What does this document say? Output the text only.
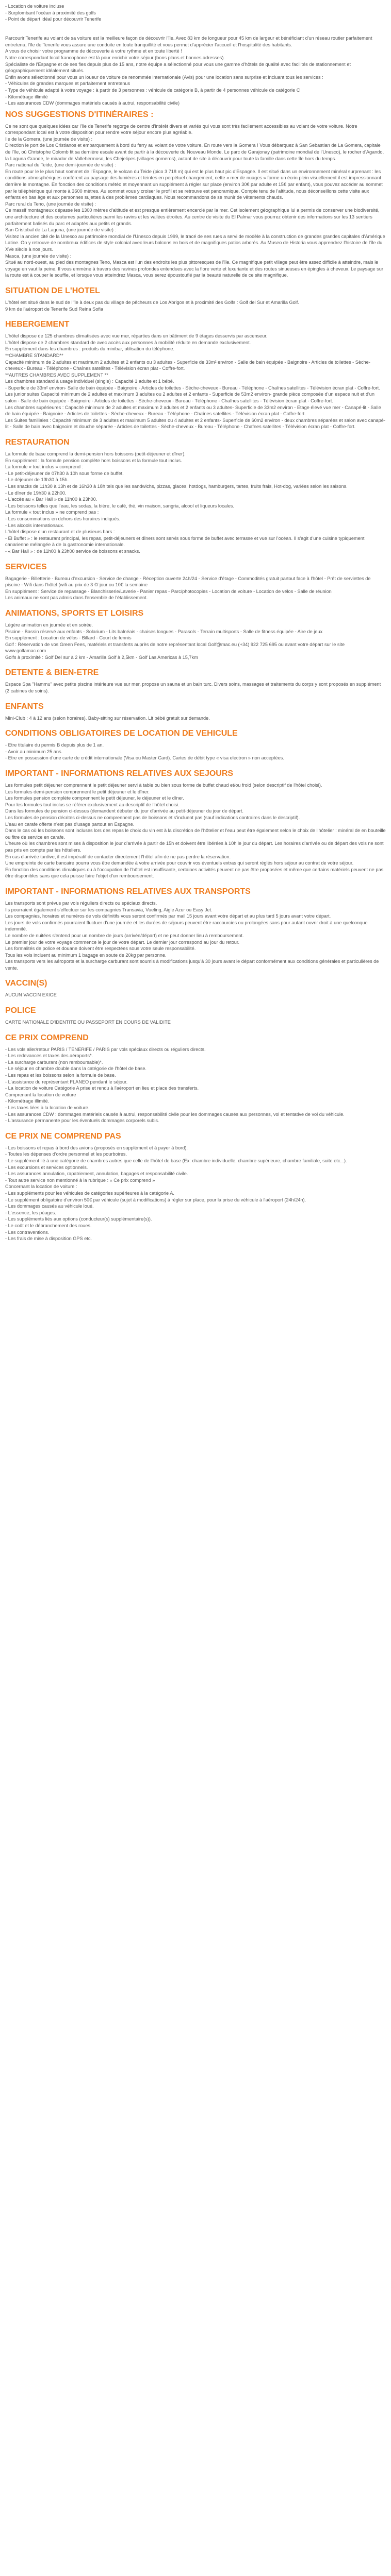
- Location de voiture incluse

- Surplombant l'océan à proximité des golfs

- Point de départ idéal pour découvrir Tenerife

Parcourir Tenerife au volant de sa voiture est la meilleure façon de découvrir l'île. Avec 83 km de longueur pour 45 km de largeur et bénéficiant d'un réseau routier parfaitement entretenu, l'île de Tenerife vous assure une conduite en toute tranquillité et vous permet d'apprécier l'accueil et l'hospitalité des habitants.

A vous de choisir votre programme de découverte à votre rythme et en toute liberté !

Notre correspondant local francophone est là pour enrichir votre séjour (bons plans et bonnes adresses).

Spécialiste de l'Espagne et de ses fles depuis plus de 15 ans, notre équipe a sélectionné pour vous une gamme d'hôtels de qualité avec facilités de stationnement et géographiquement idéalement situés.

Enfin avons sélectionné pour vous un loueur de voiture de renommée internationale (Avis) pour une location sans surprise et incluant tous les services :

- Véhicules de grandes marques et parfaitement entretenus

- Type de véhicule adapté à votre voyage : à partir de 3 personnes : véhicule de catégorie B, à partir de 4 personnes véhicule de catégorie C

- Kilométrage illimité

- Les assurances CDW (dommages matériels causés à autrui, responsabilité civile)

NOS SUGGESTIONS D'ITINÉRAIRES :

Ce ne sont que quelques idées car l'île de Tenerife regorge de centre d'intérêt divers et variés qui vous sont très facilement accessibles au volant de votre voiture. Notre correspondant local est à votre disposition pour rendre votre séjour encore plus agréable.

Ile de la Gomera, (une journée de visite) :

Direction le port de Los Cristianos et embarquement à bord du ferry au volant de votre voiture. En route vers la Gomera ! Vous débarquez à San Sebastian de La Gomera, capitale de l'île, où Christophe Colomb fit sa dernière escale avant de partir à la découverte du Nouveau Monde. Le parc de Garajonay (patrimoine mondial de l'Unesco), le rocher d'Agando, la Laguna Grande, le mirador de Vallehermoso, les Chejelipes (villages gomeros), autant de site à découvrir pour toute la famille dans cette île hors du temps.

Parc national du Teide, (une demi-journée de visite) :

En route pour le le plus haut sommet de l'Espagne, le volcan du Teide (pico 3 718 m) qui est le plus haut pic d'Espagne. Il est situé dans un environnement minéral surprenant : les conditions atmosphériques confèrent au paysage des lumières et teintes en perpétuel changement, cette « mer de nuages » forme un écrin plein visuellement il est impressionnant derrière le montagne. En fonction des conditions météo et moyennant un supplément à régler sur place (environ 30€ par adulte et 15€ par enfant), vous pouvez accéder au sommet par le téléphérique qui monte à 3600 mètres. Au sommet vous y croiser le profil et se retrouve est panoramique. Compte tenu de l'altitude, nous déconseillons cette visite aux enfants en bas âge et aux personnes sujettes à des problèmes cardiaques. Nous recommandons de se munir de vêtements chauds.

Parc rural du Teno, (une journée de visite) :

Ce massif montagneux dépasse les 1300 mètres d'altitude et est presque entièrement encerclé par la mer. Cet isolement géographique lui a permis de conserver une biodiversité, une architecture et des coutumes particulières parmi les ravins et les vallées étroites. Au centre de visite du El Palmar vous pourrez obtenir des informations sur les 13 sentiers parfaitement balisés du parc et adaptés aux petits et grands.

San Cristobal de La Laguna, (une journée de visite) :

Visitez la ancien cité de la Unesco au patrimoine mondial de l'Unesco depuis 1999, le tracé de ses rues a servi de modèle à la construction de grandes grandes capitales d'Amérique Latine. On y retrouve de nombreux édifices de style colonial avec leurs balcons en bois et de magnifiques patios arborés. Au Museo de Historia vous apprendrez l'histoire de l'île du XVe siècle à nos jours.

Masca, (une journée de visite) :

Situé au nord-ouest, au pied des montagnes Teno, Masca est l'un des endroits les plus pittoresques de l'île. Ce magnifique petit village peut être assez difficile à atteindre, mais le voyage en vaut la peine. Il vous emmène à travers des ravines profondes entendues avec la flore verte et luxuriante et des routes sinueuses en épingles à cheveux. Le paysage sur la route est à couper le souffle, et lorsque vous atteindrez Masca, vous serez époustouflé par la beauté naturelle de ce site magnifique.

SITUATION DE L'HOTEL

L'hôtel est situé dans le sud de l'île à deux pas du village de pêcheurs de Los Abrigos et à proximité des Golfs : Golf del Sur et Amarilla Golf.

9 km de l'aéroport de Tenerife Sud Reina Sofia

HEBERGEMENT

L'hôtel dispose de 125 chambres climatisées avec vue mer, réparties dans un bâtiment de 9 étages desservis par ascenseur.

L'hôtel dispose de 2 chambres standard de avec accès aux personnes à mobilité réduite en demande exclusivement.

En supplément dans les chambres : produits du minibar, utilisation du téléphone.

**CHAMBRE STANDARD**

Capacité minimum de 2 adultes et maximum 2 adultes et 2 enfants ou 3 adultes - Superficie de 33m² environ - Salle de bain équipée - Baignoire - Articles de toilettes - Sèche-cheveux - Bureau - Téléphone - Chaînes satellites - Télévision écran plat - Coffre-fort.

**AUTRES CHAMBRES AVEC SUPPLEMENT **

Les chambres standard à usage individuel (single) : Capacité 1 adulte et 1 bébé.

- Superficie de 33m² environ- Salle de bain équipée - Baignoire - Articles de toilettes - Sèche-cheveux - Bureau - Téléphone - Chaînes satellites - Télévision écran plat - Coffre-fort.

Les junior suites Capacité minimum de 2 adultes et maximum 3 adultes ou 2 adultes et 2 enfants - Superficie de 53m2 environ- grande pièce composée d'un espace nuit et d'un salon - Salle de bain équipée - Baignoire - Articles de toilettes - Sèche-cheveux - Bureau - Téléphone - Chaînes satellites - Télévision écran plat - Coffre-fort.

Les chambres supérieures : Capacité minimum de 2 adultes et maximum 2 adultes et 2 enfants ou 3 adultes- Superficie de 33m2 environ - Etage élevé vue mer - Canapé-lit - Salle de bain équipée - Baignoire - Articles de toilettes - Sèche-cheveux - Bureau - Téléphone - Chaînes satellites - Télévision écran plat - Coffre-fort.

Les Suites familiales : Capacité minimum de 3 adultes et maximum 5 adultes ou 4 adultes et 2 enfants- Superficie de 60m2 environ - deux chambres séparées et salon avec canapé-lit - Salle de bain avec baignoire et douche séparée - Articles de toilettes - Sèche-cheveux - Bureau - Téléphone - Chaînes satellites - Télévision écran plat - Coffre-fort.

RESTAURATION

La formule de base comprend la demi-pension hors boissons (petit-déjeuner et dîner).

En supplément : la formule pension complète hors boissons et la formule tout inclus.

La formule « tout inclus » comprend :

- Le petit-déjeuner de 07h30 à 10h sous forme de buffet.

- Le déjeuner de 13h30 à 15h.

- Les snacks de 11h30 à 13h et de 16h30 à 18h tels que les sandwichs, pizzas, glaces, hotdogs, hamburgers, tartes, fruits frais, Hot-dog, variées selon les saisons.

- Le dîner de 19h30 à 22h00.

- L'accès au « Bar Hall » de 11h00 à 23h00.

- Les boissons telles que l'eau, les sodas, la bière, le café, thé, vin maison, sangria, alcool et liqueurs locales.

La formule « tout inclus » ne comprend pas :

- Les consommations en dehors des horaires indiqués.

- Les alcools internationaux.

L'hôtel dispose d'un restaurant et de plusieurs bars :

- El Buffet » : le restaurant principal, les repas, petit-déjeuners et dîners sont servis sous forme de buffet avec terrasse et vue sur l'océan. Il s'agit d'une cuisine typiquement canarienne mélangée à de la gastronomie internationale.

- « Bar Hall » : de 11h00 à 23h00 service de boissons et snacks.

SERVICES

Bagagerie - Billetterie - Bureau d'excursion - Service de change - Réception ouverte 24h/24 - Service d'étage - Commodités gratuit partout face à l'hôtel - Prêt de serviettes de piscine - Wifi dans l'hôtel (wifi au prix de 3 €/ jour ou 10€ la semaine

En supplément : Service de repassage - Blanchisserie/Laverie - Panier repas - Parc/photocopies - Location de voiture - Location de vélos - Salle de réunion

Les animaux ne sont pas admis dans l'ensemble de l'établissement.

ANIMATIONS, SPORTS ET LOISIRS

Légère animation en journée et en soirée.

Piscine - Bassin réservé aux enfants - Solarium - Lits balnéais - chaises longues - Parasols - Terrain multisports - Salle de fitness équipée - Aire de jeux

En supplément : Location de vélos - Billard - Court de tennis

Golf : Réservation de vos Green Fees, matériels et transferts auprès de notre représentant local Golf@mac.eu (+34) 922 725 695 ou avant votre départ sur le site www.golfamac.com

Golfs à proximité : Golf Del sur à 2 km - Amarilla Golf à 2,5km - Golf Las Americas à 15,7km

DETENTE & BIEN-ETRE

Espace Spa "Hammu" avec petite piscine intérieure vue sur mer, propose un sauna et un bain turc. Divers soins, massages et traitements du corps y sont proposés en supplément (2 cabines de soins).

ENFANTS

Mini-Club : 4 à 12 ans (selon horaires). Baby-sitting sur réservation. Lit bébé gratuit sur demande.

CONDITIONS OBLIGATOIRES DE LOCATION DE VEHICULE

- Etre titulaire du permis B depuis plus de 1 an.

- Avoir au minimum 25 ans.

- Etre en possession d'une carte de crédit internationale (Visa ou Master Card). Cartes de débit type « visa electron » non acceptées.

IMPORTANT - INFORMATIONS RELATIVES AUX SEJOURS

Les formules petit déjeuner comprennent le petit déjeuner servi à table ou bien sous forme de buffet chaud et/ou froid (selon descriptif de l'hôtel choisi).

Les formules demi-pension comprennent le petit déjeuner et le dîner.

Les formules pension complète comprennent le petit déjeuner, le déjeuner et le dîner.

Pour les formules tout inclus se référer exclusivement au descriptif de l'hôtel choisi.

Dans les formules de pension ci-dessus (demandent débuter du jour d'arrivée au petit-déjeuner du jour de départ.

Les formules de pension décrites ci-dessus ne comprennent pas de boissons et s'incluent pas (sauf indications contraires dans le descriptif).

L'eau en carafe offerte n'est pas d'usage partout en Espagne.

Dans le cas où les boissons sont incluses lors des repas le choix du vin est à la discrétion de l'hôtelier et l'eau peut être également selon le choix de l'hôtelier : minéral de en bouteille ou fitre de service en carafe.

L'heure où les chambres sont mises à disposition le jour d'arrivée à partir de 15h et doivent être libérées à 10h le jour du départ. Les horaires d'arrivée ou de départ des vols ne sont pas pris en compte par les hôteliers.

En cas d'arrivée tardive, il est impératif de contacter directement l'hôtel afin de ne pas perdre la réservation.

Une empreinte de carte bancaire pourra vous être demandée à votre arrivée pour couvrir vos éventuels extras qui seront réglés hors séjour au contrat de votre séjour.

En fonction des conditions climatiques ou à l'occupation de l'hôtel est insuffisante, certaines activités peuvent ne pas être proposées et même que certains matériels peuvent ne pas être disponibles sans que cela puisse faire l'objet d'un remboursement.

IMPORTANT - INFORMATIONS RELATIVES AUX TRANSPORTS

Les transports sont prévus par vols réguliers directs ou spéciaux directs.

Ils pourraient également s'effectuer sur les compagnies Transavia, Vueling, Aigle Azur ou Easy Jet.

Les compagnies, horaires et numéros de vols définitifs vous seront confirmés par mail 15 jours avant votre départ et au plus tard 5 jours avant votre départ.

Les jours de vols confirmés pourraient fluctuer d'une journée et les durées de séjours peuvent être raccourcies ou prolongées sans pour autant ouvrir droit à une quelconque indemnité.

Le nombre de nuitées s'entend pour un nombre de jours (arrivée/départ) et ne peut donner lieu à remboursement.

Le premier jour de votre voyage commence le jour de votre départ. Le dernier jour correspond au jour du retour.

Les formalités de police et douane doivent être respectées sous votre seule responsabilité.

Tous les vols incluent au minimum 1 bagage en soute de 20kg par personne.

Les transports vers les aéroports et la surcharge carburant sont soumis à modifications jusqu'à 30 jours avant le départ conformément aux conditions générales et particulières de vente.

VACCIN(S)

AUCUN VACCIN EXIGE

POLICE

CARTE NATIONALE D'IDENTITE OU PASSEPORT EN COURS DE VALIDITE

CE PRIX COMPREND

- Les vols aller/retour PARIS / TENERIFE / PARIS par vols spéciaux directs ou réguliers directs.

- Les redevances et taxes des aéroports*.

- La surcharge carburant (non remboursable)*.

- Le séjour en chambre double dans la catégorie de l'hôtel de base.

- Les repas et les boissons selon la formule de base.

- L'assistance du représentant FLANEO pendant le séjour.

- La location de voiture Catégorie A prise et rendu à l'aéroport en lieu et place des transferts.

Comprenant la location de voiture

- Kilométrage illimité.

- Les taxes liées à la location de voiture.

- Les assurances CDW : dommages matériels causés à autrui, responsabilité civile pour les dommages causés aux personnes, vol et tentative de vol du véhicule.

- L'assurance permanente pour les éventuels dommages corporels subis.

CE PRIX NE COMPREND PAS

- Les boissons et repas à bord des avions (proposés en supplément et à payer à bord).

- Toutes les dépenses d'ordre personnel et les pourboires.

- Le supplément lié à une catégorie de chambres autres que celle de l'hôtel de base (Ex: chambre individuelle, chambre supérieure, chambre familiale, suite etc...).

- Les excursions et services optionnels.

- Les assurances annulation, rapatriement, annulation, bagages et responsabilité civile.

- Tout autre service non mentionné à la rubrique : « Ce prix comprend »

Concernant la location de voiture :

- Les suppléments pour les véhicules de catégories supérieures à la catégorie A.

- Le supplément obligatoire d'environ 50€ par véhicule (sujet à modifications) à régler sur place, pour la prise du véhicule à l'aéroport (24h/24h).

- Les dommages causés au véhicule loué.

- L'essence, les péages.

- Les suppléments liés aux options (conducteur(s) supplémentaire(s)).

- Le coût et le débranchement des roues.

- Les contraventions.

- Les frais de mise à disposition GPS etc.
